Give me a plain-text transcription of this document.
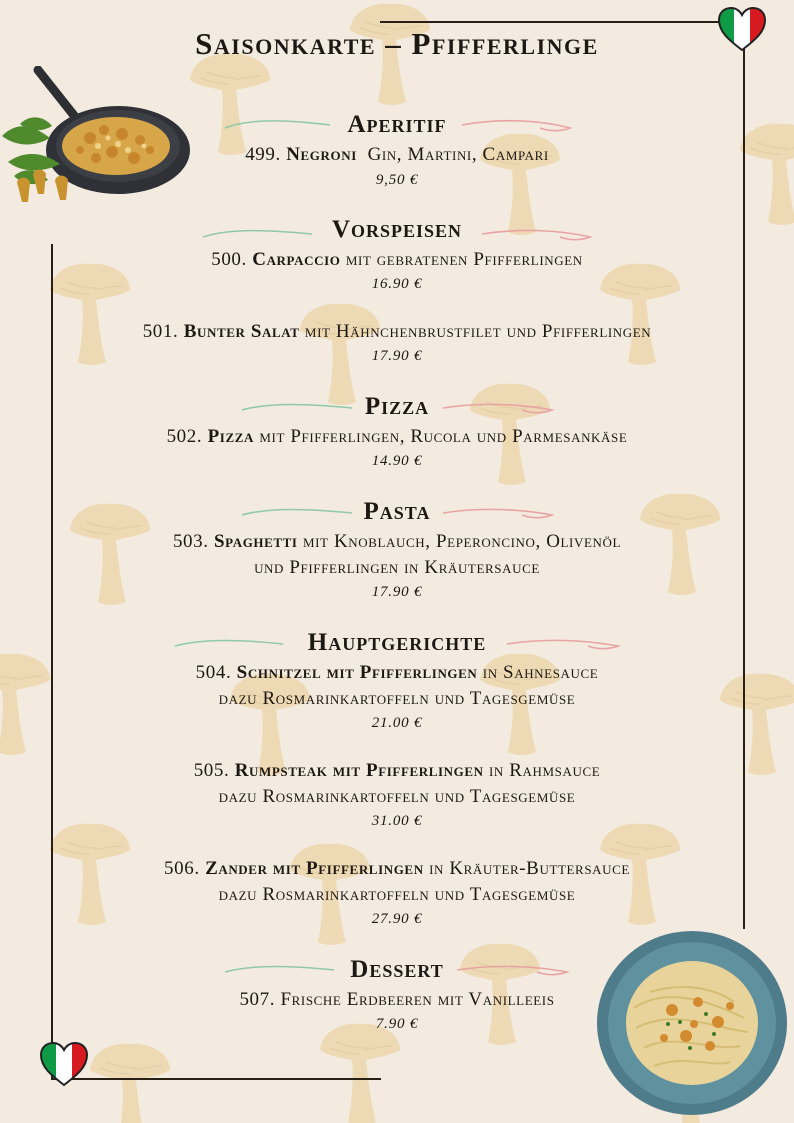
Saisonkarte – Pfifferlinge
Aperitif
499. Negroni Gin, Martini, Campari
9,50 €
Vorspeisen
500. Carpaccio mit gebratenen Pfifferlingen
16.90 €
501. Bunter Salat mit Hähnchenbrustfilet und Pfifferlingen
17.90 €
Pizza
502. Pizza mit Pfifferlingen, Rucola und Parmesankäse
14.90 €
Pasta
503. Spaghetti mit Knoblauch, Peperoncino, Olivenöl
und Pfifferlingen in Kräutersauce
17.90 €
Hauptgerichte
504. Schnitzel mit Pfifferlingen in Sahnesauce
dazu Rosmarinkartoffeln und Tagesgemüse
21.00 €
505. Rumpsteak mit Pfifferlingen in Rahmsauce
dazu Rosmarinkartoffeln und Tagesgemüse
31.00 €
506. Zander mit Pfifferlingen in Kräuter-Buttersauce
dazu Rosmarinkartoffeln und Tagesgemüse
27.90 €
Dessert
507. Frische Erdbeeren mit Vanilleeis
7.90 €
